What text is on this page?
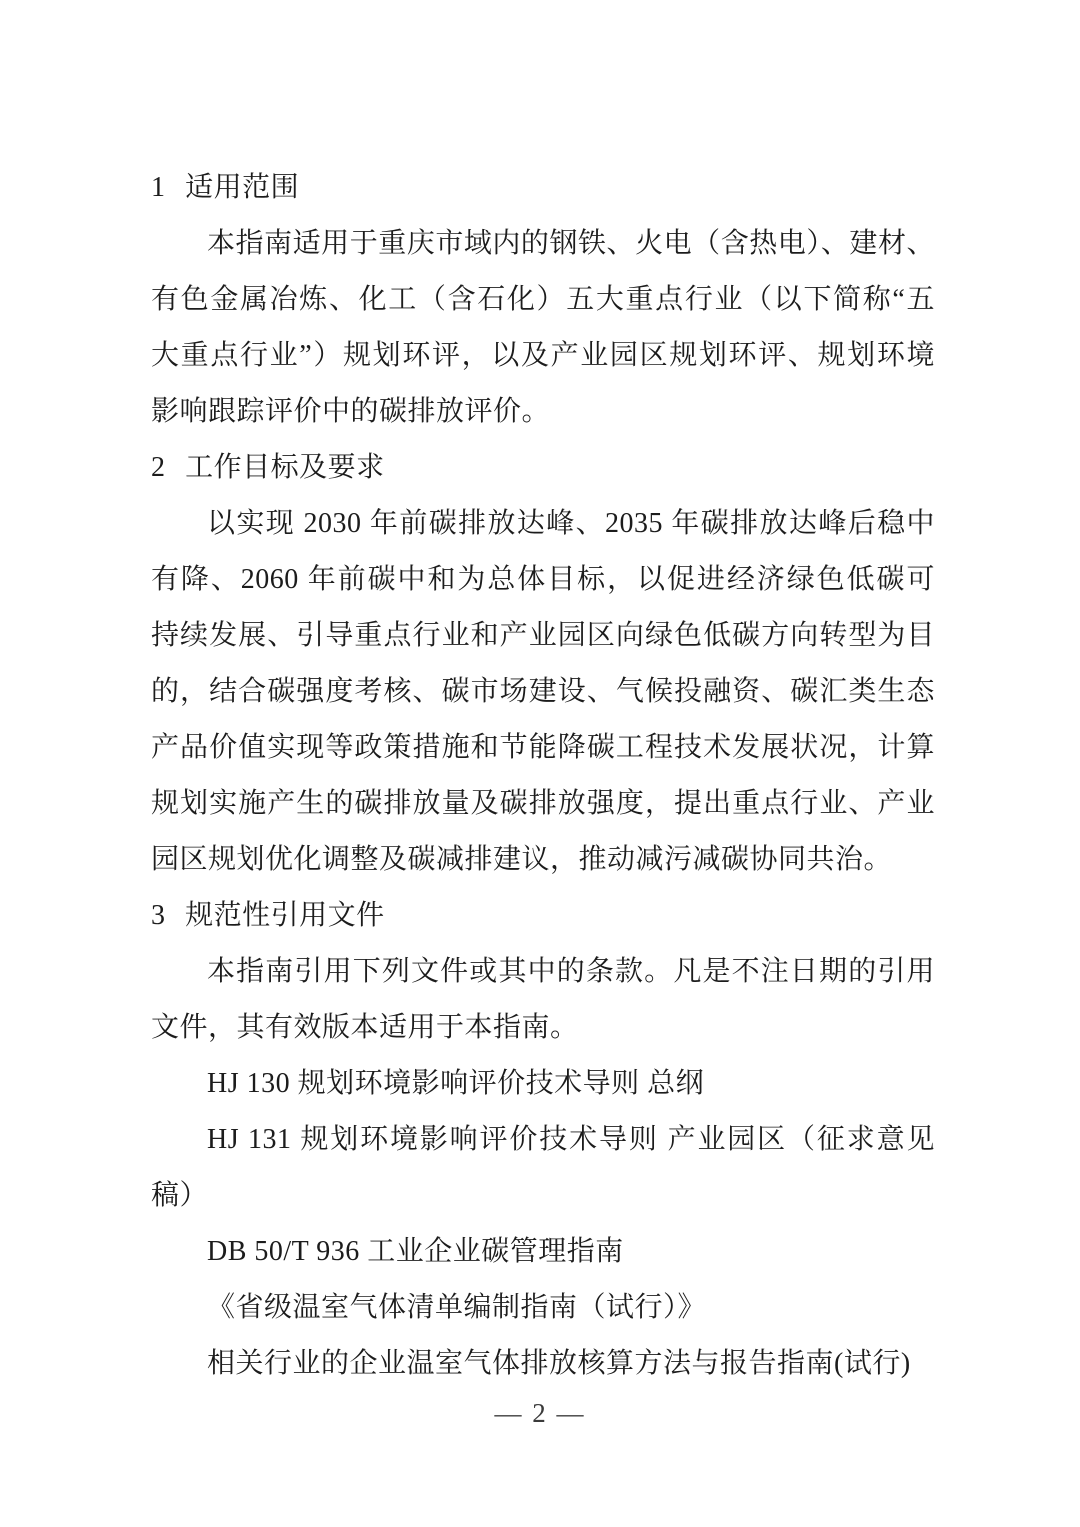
1 适用范围
本指南适用于重庆市域内的钢铁、火电（含热电）、建材、
有色金属冶炼、化工（含石化）五大重点行业（以下简称“五
大重点行业”）规划环评，以及产业园区规划环评、规划环境
影响跟踪评价中的碳排放评价。
2 工作目标及要求
以实现 2030 年前碳排放达峰、2035 年碳排放达峰后稳中
有降、2060 年前碳中和为总体目标，以促进经济绿色低碳可
持续发展、引导重点行业和产业园区向绿色低碳方向转型为目
的，结合碳强度考核、碳市场建设、气候投融资、碳汇类生态
产品价值实现等政策措施和节能降碳工程技术发展状况，计算
规划实施产生的碳排放量及碳排放强度，提出重点行业、产业
园区规划优化调整及碳减排建议，推动减污减碳协同共治。
3 规范性引用文件
本指南引用下列文件或其中的条款。凡是不注日期的引用
文件，其有效版本适用于本指南。
HJ 130 规划环境影响评价技术导则 总纲
HJ 131 规划环境影响评价技术导则 产业园区（征求意见
稿）
DB 50/T 936 工业企业碳管理指南
《省级温室气体清单编制指南（试行）》
相关行业的企业温室气体排放核算方法与报告指南(试行)
— 2 —
